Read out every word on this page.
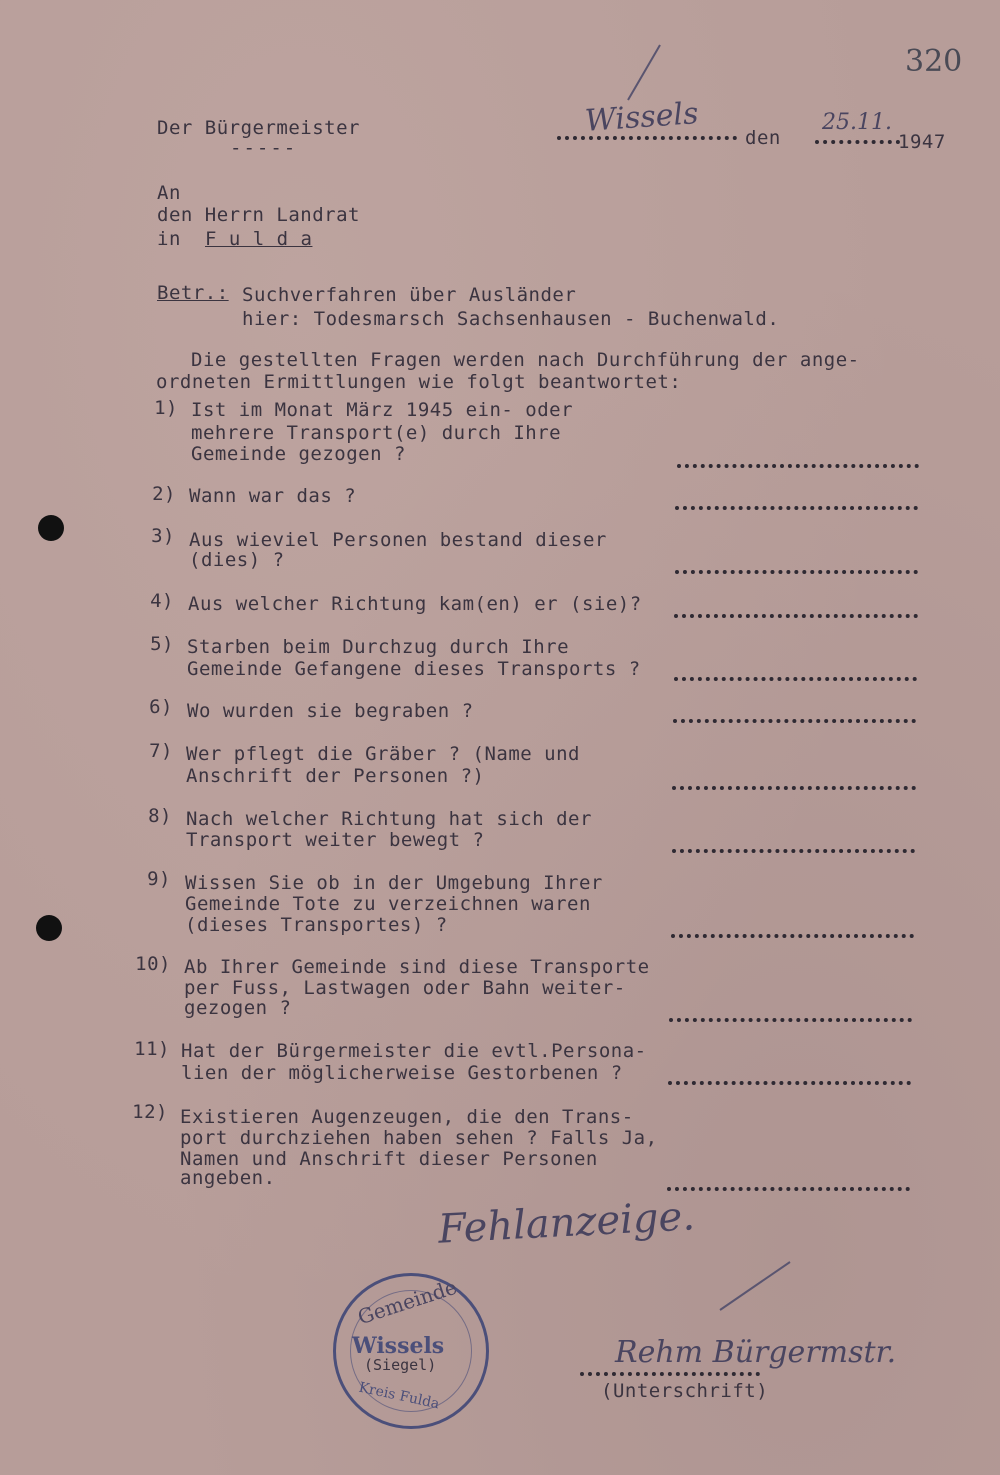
320
Der Bürgermeister
-----
Wissels den
25.11.
1947
An
den Herrn Landrat
in F u l d a
Betr.: Suchverfahren über Ausländer
hier: Todesmarsch Sachsenhausen - Buchenwald.
Die gestellten Fragen werden nach Durchführung der ange-
ordneten Ermittlungen wie folgt beantwortet:
1) Ist im Monat März 1945 ein- oder
mehrere Transport(e) durch Ihre
Gemeinde gezogen ?
2) Wann war das ?
3) Aus wieviel Personen bestand dieser
(dies) ?
4) Aus welcher Richtung kam(en) er (sie)?
5) Starben beim Durchzug durch Ihre
Gemeinde Gefangene dieses Transports ?
6) Wo wurden sie begraben ?
7) Wer pflegt die Gräber ? (Name und
Anschrift der Personen ?)
8) Nach welcher Richtung hat sich der
Transport weiter bewegt ?
9) Wissen Sie ob in der Umgebung Ihrer
Gemeinde Tote zu verzeichnen waren
(dieses Transportes) ?
10) Ab Ihrer Gemeinde sind diese Transporte
per Fuss, Lastwagen oder Bahn weiter-
gezogen ?
11) Hat der Bürgermeister die evtl.Persona-
lien der möglicherweise Gestorbenen ?
12) Existieren Augenzeugen, die den Trans-
port durchziehen haben sehen ? Falls Ja,
Namen und Anschrift dieser Personen
angeben.
Fehlanzeige.
Gemeinde
Wissels
(Siegel)
Kreis Fulda
Rehm Bürgermstr.
(Unterschrift)
